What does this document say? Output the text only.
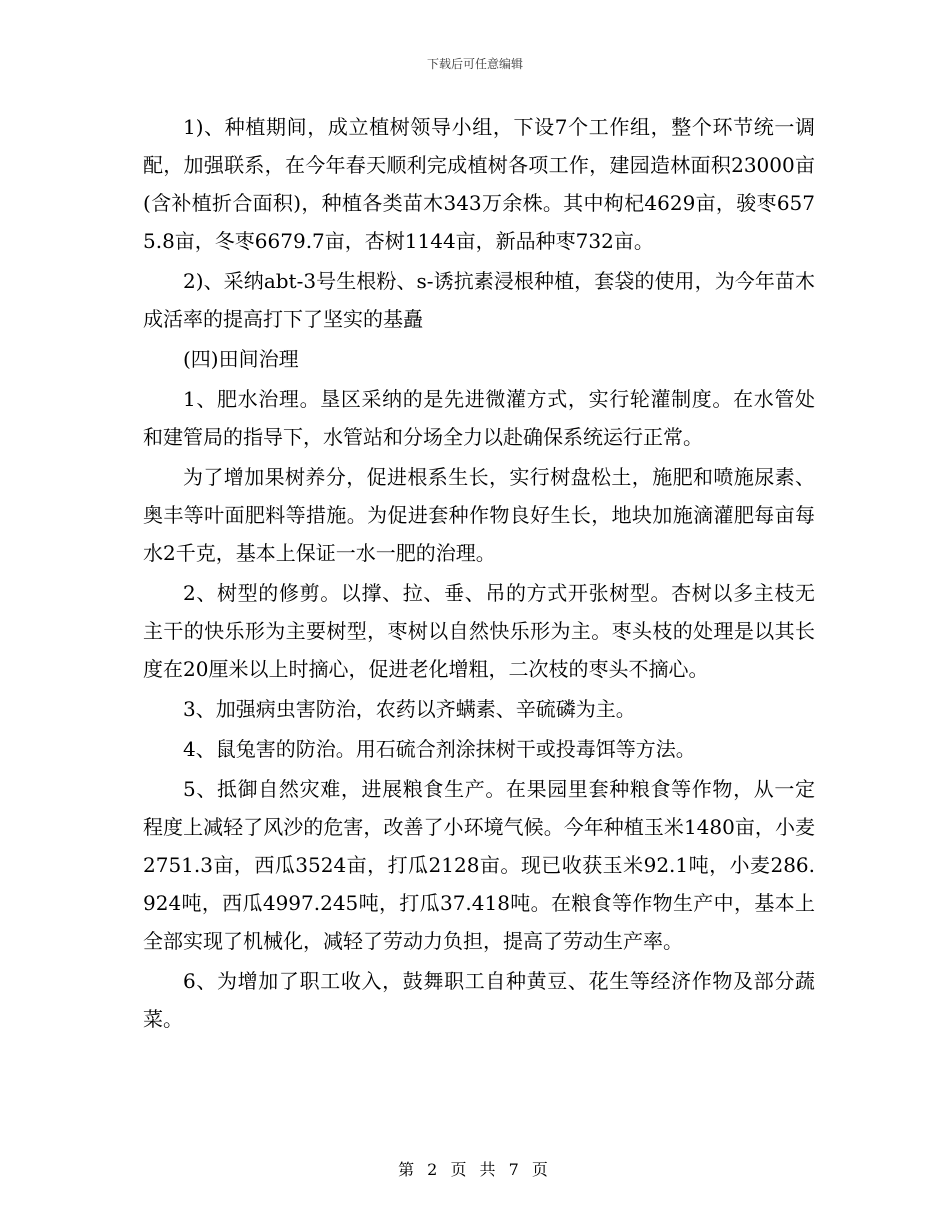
下载后可任意编辑

1)、种植期间，成立植树领导小组，下设7个工作组，整个环节统一调配，加强联系，在今年春天顺利完成植树各项工作，建园造林面积23000亩(含补植折合面积)，种植各类苗木343万余株。其中枸杞4629亩，骏枣6575.8亩，冬枣6679.7亩，杏树1144亩，新品种枣732亩。

2)、采纳abt-3号生根粉、s-诱抗素浸根种植，套袋的使用，为今年苗木成活率的提高打下了坚实的基矗

(四)田间治理

1、肥水治理。垦区采纳的是先进微灌方式，实行轮灌制度。在水管处和建管局的指导下，水管站和分场全力以赴确保系统运行正常。

为了增加果树养分，促进根系生长，实行树盘松土，施肥和喷施尿素、奥丰等叶面肥料等措施。为促进套种作物良好生长，地块加施滴灌肥每亩每水2千克，基本上保证一水一肥的治理。

2、树型的修剪。以撑、拉、垂、吊的方式开张树型。杏树以多主枝无主干的快乐形为主要树型，枣树以自然快乐形为主。枣头枝的处理是以其长度在20厘米以上时摘心，促进老化增粗，二次枝的枣头不摘心。

3、加强病虫害防治，农药以齐螨素、辛硫磷为主。

4、鼠兔害的防治。用石硫合剂涂抹树干或投毒饵等方法。

5、抵御自然灾难，进展粮食生产。在果园里套种粮食等作物，从一定程度上减轻了风沙的危害，改善了小环境气候。今年种植玉米1480亩，小麦2751.3亩，西瓜3524亩，打瓜2128亩。现已收获玉米92.1吨，小麦286.924吨，西瓜4997.245吨，打瓜37.418吨。在粮食等作物生产中，基本上全部实现了机械化，减轻了劳动力负担，提高了劳动生产率。

6、为增加了职工收入，鼓舞职工自种黄豆、花生等经济作物及部分蔬菜。

第 2 页 共 7 页
